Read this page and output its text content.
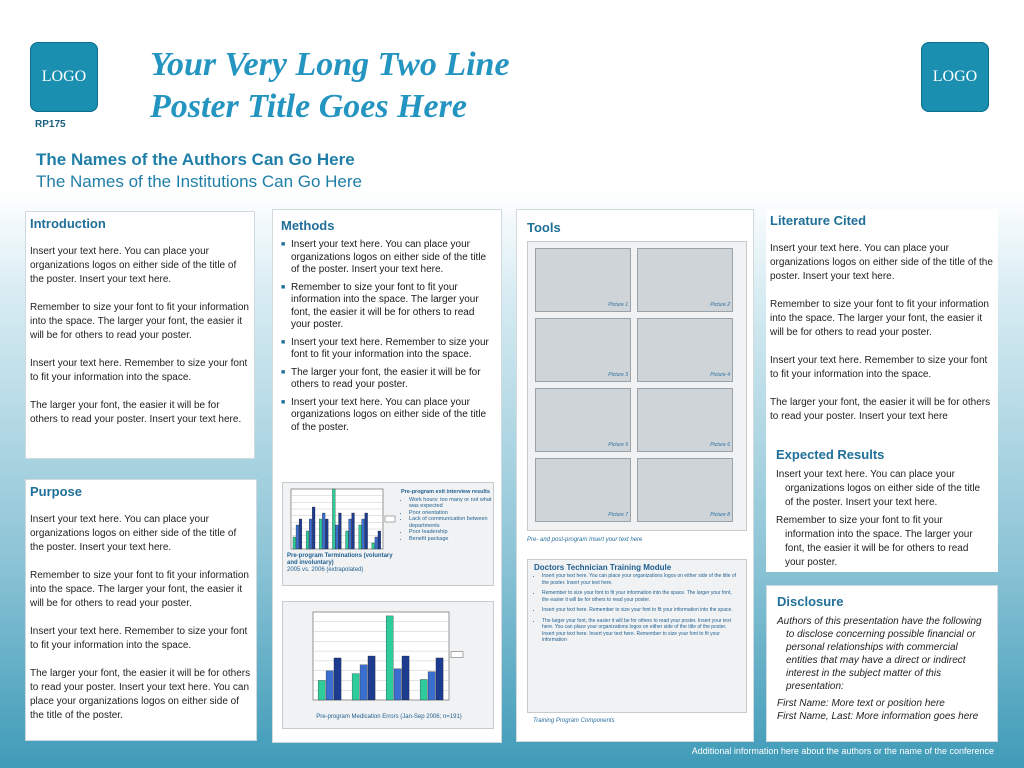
LOGO	LOGO
RP175
Your Very Long Two Line
Poster Title Goes Here
The Names of the Authors Can Go Here
The Names of the Institutions Can Go Here
Introduction

Insert your text here. You can place your organizations logos on either side of the title of the poster. Insert your text here.

Remember to size your font to fit your information into the space. The larger your font, the easier it will be for others to read your poster.

Insert your text here. Remember to size your font to fit your information into the space.

The larger your font, the easier it will be for others to read your poster. Insert your text here.

Purpose

Insert your text here. You can place your organizations logos on either side of the title of the poster. Insert your text here.

Remember to size your font to fit your information into the space. The larger your font, the easier it will be for others to read your poster.

Insert your text here. Remember to size your font to fit your information into the space.

The larger your font, the easier it will be for others to read your poster. Insert your text here. You can place your organizations logos on either side of the title of the poster.

Methods
■ Insert your text here. You can place your organizations logos on either side of the title of the poster. Insert your text here.
■ Remember to size your font to fit your information into the space. The larger your font, the easier it will be for others to read your poster.
■ Insert your text here. Remember to size your font to fit your information into the space.
■ The larger your font, the easier it will be for others to read your poster.
■ Insert your text here. You can place your organizations logos on either side of the title of the poster.
Pre-program Terminations (voluntary and involuntary)
2005 vs. 2006 (extrapolated)
Pre-program exit interview results
• Work hours: too many or not what was expected
• Poor orientation
• Lack of communication between departments
• Poor leadership
• Benefit package
Pre-program Medication Errors (Jan-Sep 2006; n=191)
Tools
Picture 1	Picture 2
Picture 3	Picture 4
Picture 5	Picture 6
Picture 7	Picture 8
Pre- and post-program Insert your text here
Doctors Technician Training Module
• Insert your text here. You can place your organizations logos on either side of the title of the poster. Insert your text here.
• Remember to size your font to fit your information into the space. The larger your font, the easier it will be for others to read your poster.
• Insert your text here. Remember to size your font to fit your information into the space.
• The larger your font, the easier it will be for others to read your poster. Insert your text here. You can place your organizations logos on either side of the title of the poster. Insert your text here. Insert your text here. Remember to size your font to fit your information
Training Program Components
Literature Cited

Insert your text here. You can place your organizations logos on either side of the title of the poster. Insert your text here.

Remember to size your font to fit your information into the space. The larger your font, the easier it will be for others to read your poster.

Insert your text here. Remember to size your font to fit your information into the space.

The larger your font, the easier it will be for others to read your poster. Insert your text here

Expected Results
Insert your text here. You can place your organizations logos on either side of the title of the poster. Insert your text here.
Remember to size your font to fit your information into the space. The larger your font, the easier it will be for others to read your poster.
Disclosure
Authors of this presentation have the following to disclose concerning possible financial or personal relationships with commercial entities that may have a direct or indirect interest in the subject matter of this presentation:
First Name: More text or position here
First Name, Last: More information goes here
Additional information here about the authors or the name of the conference
